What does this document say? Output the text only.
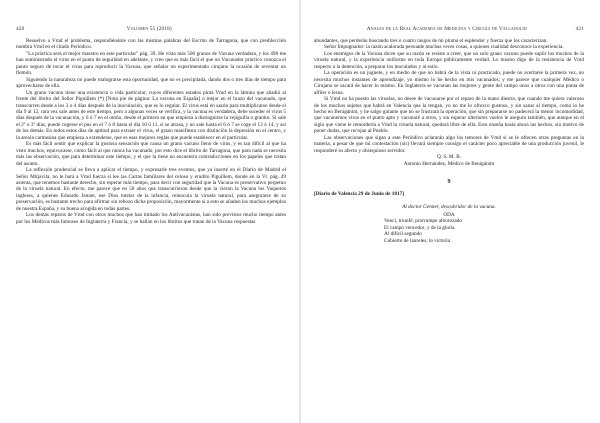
420	Volumen 55 (2018)

Resuelvo a Vmd el problema, respondiéndole con las mismas palabras del Escrito de Tarragona, que con predilección nombra Vmd en el citado Periódico.

"La práctica será el mejor maestro en este particular" pág. 39. He visto más 500 granos de Vacuna verdadera, y los 498 me han suministrado el virus en el punto de seguridad en adelante, y creo que es más fácil el que un Vacunador práctico conozca el punto seguro de tocar el virus para reproducir la Vacuna, que señalar un experimentado cirujano la ocasión de reventar un flemón.

Siguiendo la naturaleza no puede malograrse esta oportunidad, que no es precipitada, dando dos o tres días de tiempo para aprovecharse de ella.

Un grano vacuno tiene una existencia o vida particular, cuyos diferentes estados pinta Vmd en la lámina que añadió al frente del librito del Señor Piguillem (*) [Nota pie de página: La vacuna en España] o mejor en el brazo del vacunado, que transcurren desde a los 3 o 4 días después de la inoculación, que es lo regular. El virus está en sazón para multiplicarse desde el día 9 al 12, rara vez sale antes de este tiempo, pero a algunas veces se verifica, y la vacuna es verdadera, debe suceder el virus 5 días después de la vacunación, y 6 ó 7 en el otoño, desde el primero en que empieza a distinguirse la vejiguilla o granito. Si sale el 2º o 3º días, puede cogerse el pus en el 7 ó 8 hasta el día 10 ú 11, si se atrasa, y no sale hasta el 6 ó 7 se coge el 13 ó 14, y así de los demás. En todos estos días de aptitud para extraer el virus, el grano manifiesta con distinción la depresión en el centro, y la areola carmesina que empieza a extenderse, que es esas mejores reglas que puede establecer en el particular.

Es más fácil sentir que explicar la gustosa sensación que causa un grano vacuno lleno de virus, y es tan difícil al que ha visto muchos, equivocarse, como fácil al que nunca ha vacunado, por esto dice el librito de Tarragona, que para nada se necesita más las observación, que para determinar este tiempo, y el que la tiene no encuentra contradicciones en los papeles que tratan del asunto.

La reflexión prudencial se lleva a aplicar el tiempo, y expresarle tres eventos, que ya inserté en el Diario de Madrid el Señor Mitjavila, no le hará a Vmd fuerza si lee las Cartas familiares del celoso y erudito Piguillem, donde en la Vr. pág. 49 asienta, que tenemos bastante derecho, sin esperar más tiempo, para decir con seguridad que la Vacuna es preservativo perpetuo de la viruela natural. En efecto, me parece que en 50 años que transcurrieron desde que la vieron la Vacuna los Vaqueros ingleses, a quienes Eduardo Jenner, ese Dios tutelar de la infancia, reinocula la viruela natural, para asegurarse de su preservación, es bastante trecho para afirmar sin rebozo dicha proposición, mayormente si a esto se añaden los muchos ejemplos de nuestra España, y su buena acogida en todas partes.

Los demás reparos de Vmd con otros muchos que han imitado los Antivacunistas, han sido previstos mucho tiempo antes por los Médicos más famosos de Inglaterra y Francia, y se hallan en los libritos que tratan de la Vacuna respuestas

Anales de la Real Academia de Medicina y Cirugía de Valladolid	421

abundantes, que perderán buscando tres o cuatro rasgos de mi pluma el esplendor y fuerza que los caracterizan.

Señor Impugnador: la razón acalorada persuade muchas veces cosas, a quienes cualidad desconoce la experiencia.

Los enemigos de la Vacuna dicen que su razón se resiste a creer, que un solo grano vacuno puede suplir los muchos de la viruela natural, y la experiencia uniforme en toda Europa públicamente verdad. Lo mismo digo de la resistencia de Vmd respecto a la detención, a preparar los inoculados y al estío.

La operación es un juguete, y en medio de que no habrá de la vista ni practicado, puede no acertarse la primera vez, no necesita muchos instantes de aprendizaje, yo mismo lo he hecho en mis vacunados; y me parece que cualquier Médico o Cirujano se sacará de hacer lo mismo. En Inglaterra se vacunan las mujeres y gente del campo unos a otros con una punta de alfiler o lesna.

Si Vmd no ha puesto las viruelas, no desee de vacunarse por el reparo de la mano diestra, que cuando me quiera valeroso de los muchos sujetos que habrá en Valencia que la tengan, yo no me lo ofrezco gustoso, y sin sanar al tiempo, como lo he hecho en Benigánim, y he salgo garante que no se frustrará la operación, que sin prepararse no padecerá la menor incomodidad, que vacunemos virus en el punto apto y vacunaré a otros, y sin esperar ulteriores vuelos le aseguro también, que aunque en el siglo que viene le remordería a Vmd la viruela natural, quedará libre de ella. Esto enseña hasta ahora las hechos, sin motivo de poner dudas, que recojan al Pueblo.

Las observaciones que sigan a este Periódico aclararán algo los temores de Vmd si se le ofrecen otras preguntas en la materia, a pesar de que mi contestación (sic) llevará siempre consigo el carácter poco apreciable de una producción juvenil, le responderé su afecto y obsequioso servidor.

Q. S. M. B.
Antonio Hernández, Médico de Benigánim
9
[Diario de Valencia 29 de Junio de 1817]
Al doctor Genner, descubridor de la vacuna.
ODA
Venci, triunfé, prorrumpe alborozado
El campo vencedor, y de la gloria
Al difícil segundo
Cubierto de laureles, la victoria
